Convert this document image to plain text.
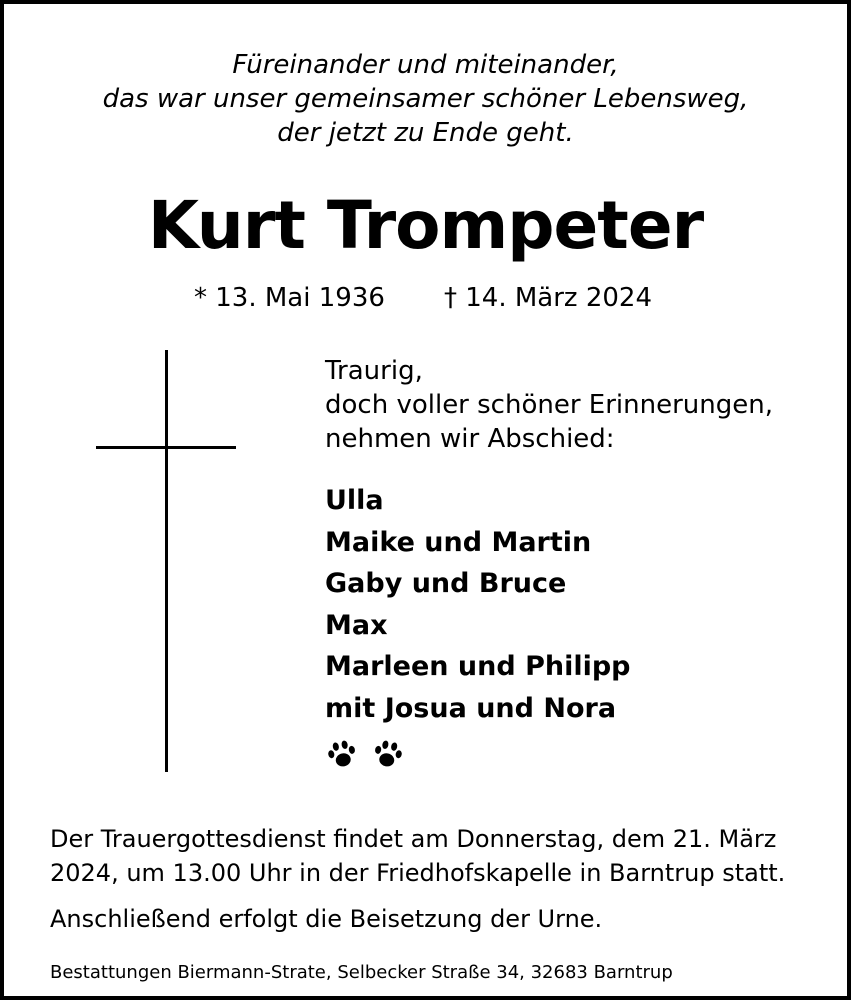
Füreinander und miteinander,
das war unser gemeinsamer schöner Lebensweg,
der jetzt zu Ende geht.
Kurt Trompeter
* 13. Mai 1936 † 14. März 2024
Traurig,
doch voller schöner Erinnerungen,
nehmen wir Abschied:
Ulla
Maike und Martin
Gaby und Bruce
Max
Marleen und Philipp
mit Josua und Nora
Der Trauergottesdienst findet am Donnerstag, dem 21. März 2024, um 13.00 Uhr in der Friedhofskapelle in Barntrup statt.
Anschließend erfolgt die Beisetzung der Urne.
Bestattungen Biermann-Strate, Selbecker Straße 34, 32683 Barntrup
